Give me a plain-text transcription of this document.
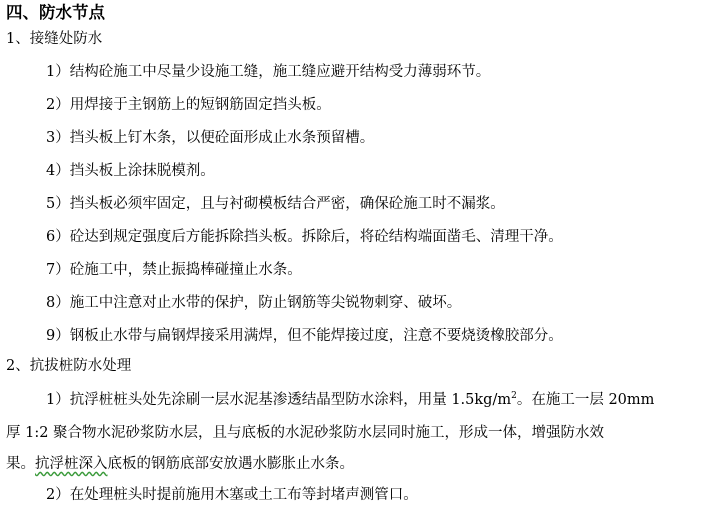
四、防水节点
1、接缝处防水
1）结构砼施工中尽量少设施工缝，施工缝应避开结构受力薄弱环节。
2）用焊接于主钢筋上的短钢筋固定挡头板。
3）挡头板上钉木条，以便砼面形成止水条预留槽。
4）挡头板上涂抹脱模剂。
5）挡头板必须牢固定，且与衬砌模板结合严密，确保砼施工时不漏浆。
6）砼达到规定强度后方能拆除挡头板。拆除后，将砼结构端面凿毛、清理干净。
7）砼施工中，禁止振捣棒碰撞止水条。
8）施工中注意对止水带的保护，防止钢筋等尖锐物刺穿、破坏。
9）钢板止水带与扁钢焊接采用满焊，但不能焊接过度，注意不要烧烫橡胶部分。
2、抗拔桩防水处理
1）抗浮桩桩头处先涂刷一层水泥基渗透结晶型防水涂料，用量 $1.5kg/m^2$。在施工一层 20mm
厚 1:2 聚合物水泥砂浆防水层，且与底板的水泥砂浆防水层同时施工，形成一体，增强防水效
果。抗浮桩深入底板的钢筋底部安放遇水膨胀止水条。
2）在处理桩头时提前施用木塞或土工布等封堵声测管口。
